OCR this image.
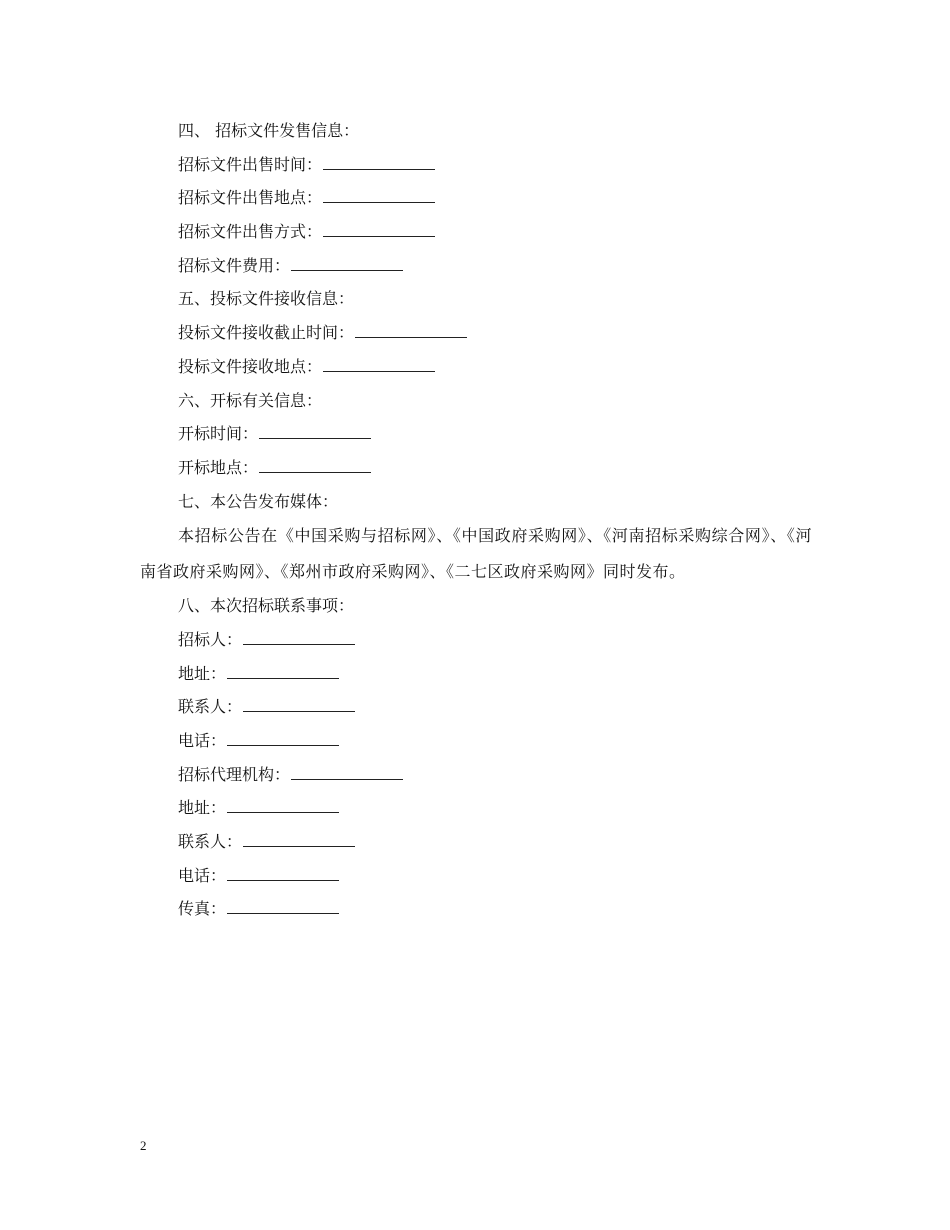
四、 招标文件发售信息：
招标文件出售时间：
招标文件出售地点：
招标文件出售方式：
招标文件费用：
五、投标文件接收信息：
投标文件接收截止时间：
投标文件接收地点：
六、开标有关信息：
开标时间：
开标地点：
七、本公告发布媒体：
本招标公告在《中国采购与招标网》、《中国政府采购网》、《河南招标采购综合网》、《河南省政府采购网》、《郑州市政府采购网》、《二七区政府采购网》同时发布。
八、本次招标联系事项：
招标人：
地址：
联系人：
电话：
招标代理机构：
地址：
联系人：
电话：
传真：
2
